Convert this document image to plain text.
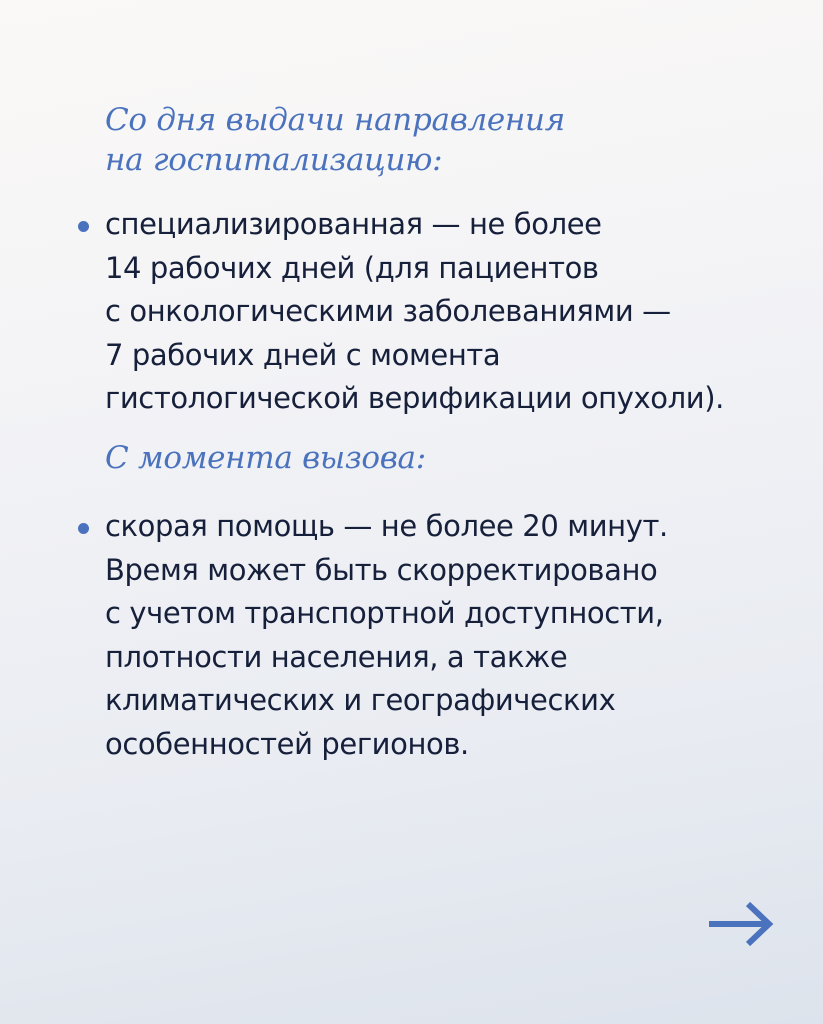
Со дня выдачи направления
на госпитализацию:
специализированная — не более
14 рабочих дней (для пациентов
с онкологическими заболеваниями —
7 рабочих дней с момента
гистологической верификации опухоли).
С момента вызова:
скорая помощь — не более 20 минут.
Время может быть скорректировано
с учетом транспортной доступности,
плотности населения, а также
климатических и географических
особенностей регионов.
